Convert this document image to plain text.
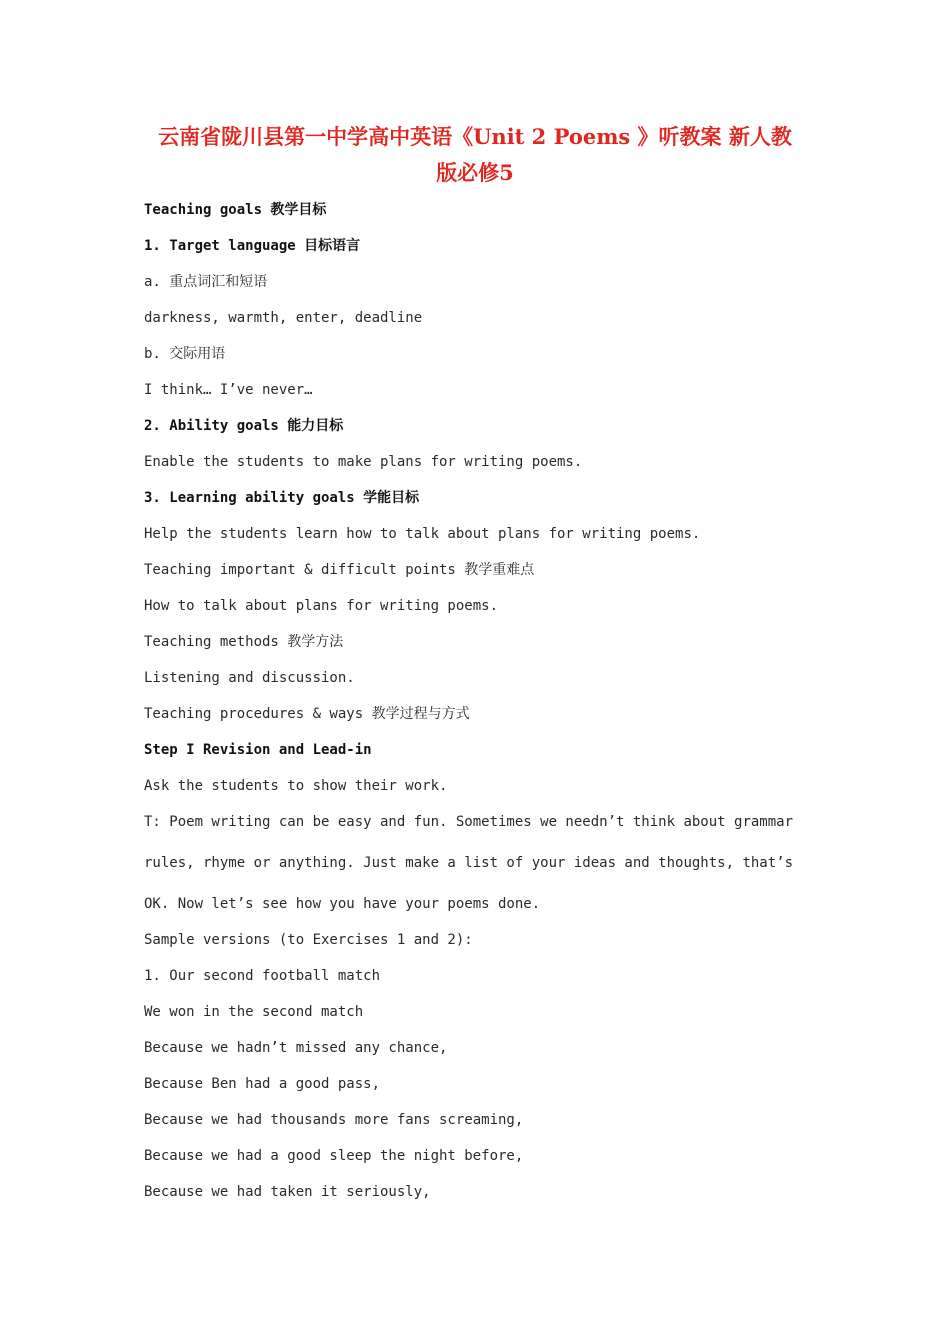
云南省陇川县第一中学高中英语《Unit 2 Poems 》听教案 新人教
版必修5
Teaching goals 教学目标
1. Target language 目标语言
a. 重点词汇和短语
darkness, warmth, enter, deadline
b. 交际用语
I think… I’ve never…
2. Ability goals 能力目标
Enable the students to make plans for writing poems.
3. Learning ability goals 学能目标
Help the students learn how to talk about plans for writing poems.
Teaching important & difficult points 教学重难点
How to talk about plans for writing poems.
Teaching methods 教学方法
Listening and discussion.
Teaching procedures & ways 教学过程与方式
Step I Revision and Lead-in
Ask the students to show their work.
T: Poem writing can be easy and fun. Sometimes we needn’t think about grammar
rules, rhyme or anything. Just make a list of your ideas and thoughts, that’s
OK. Now let’s see how you have your poems done.
Sample versions (to Exercises 1 and 2):
1. Our second football match
We won in the second match
Because we hadn’t missed any chance,
Because Ben had a good pass,
Because we had thousands more fans screaming,
Because we had a good sleep the night before,
Because we had taken it seriously,
